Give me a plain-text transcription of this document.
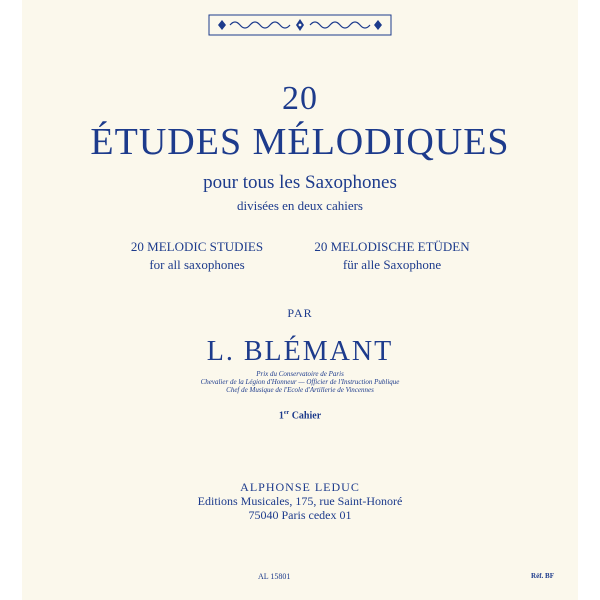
20
ÉTUDES MÉLODIQUES
pour tous les Saxophones
divisées en deux cahiers
20 MELODIC STUDIES
for all saxophones
20 MELODISCHE ETÜDEN
für alle Saxophone
PAR
L. BLÉMANT
Prix du Conservatoire de Paris
Chevalier de la Légion d'Honneur — Officier de l'Instruction Publique
Chef de Musique de l'Ecole d'Artillerie de Vincennes
1er Cahier
ALPHONSE LEDUC
Editions Musicales, 175, rue Saint-Honoré
75040 Paris cedex 01
AL 15801	Réf. BF
